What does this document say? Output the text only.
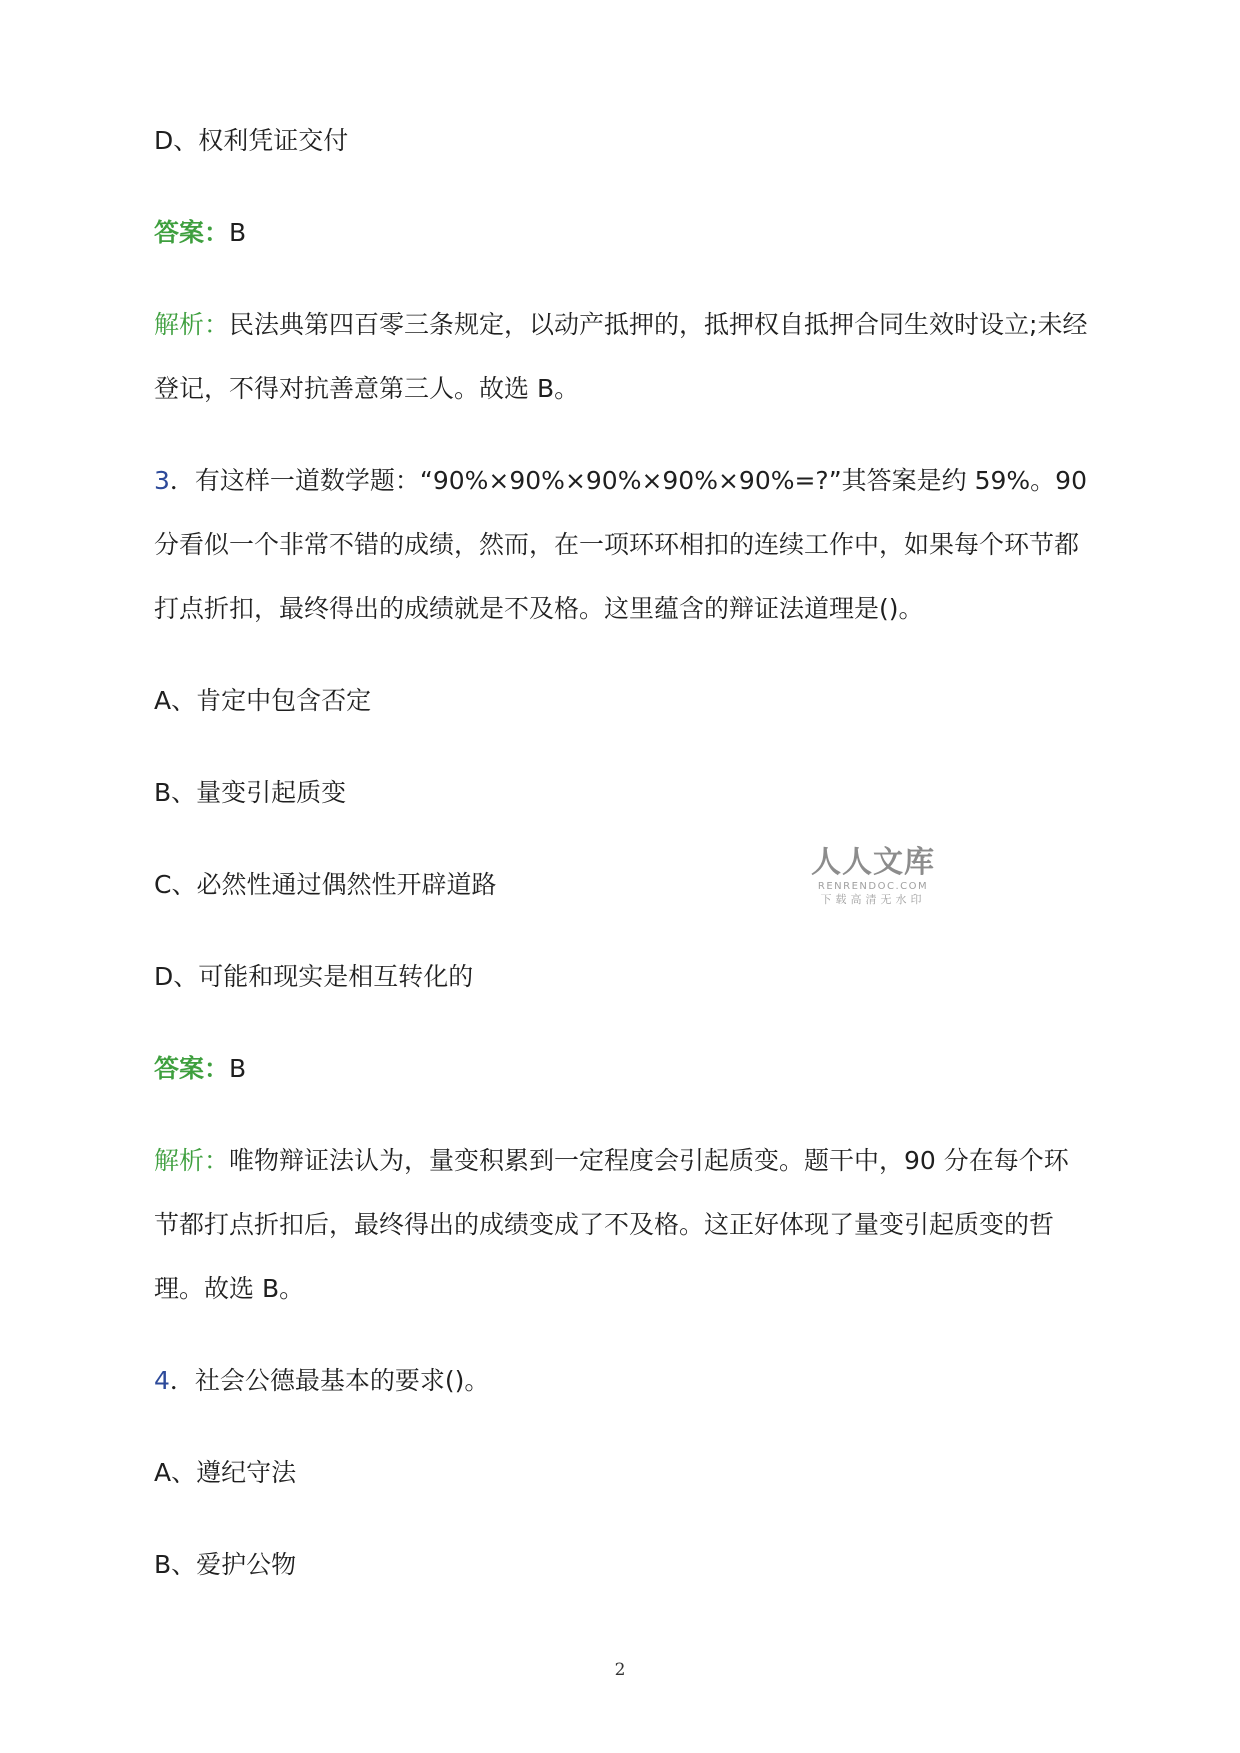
D、权利凭证交付
答案：B
解析：民法典第四百零三条规定，以动产抵押的，抵押权自抵押合同生效时设立;未经
登记，不得对抗善意第三人。故选 B。
3．有这样一道数学题：“90%×90%×90%×90%×90%=?”其答案是约 59%。90
分看似一个非常不错的成绩，然而，在一项环环相扣的连续工作中，如果每个环节都
打点折扣，最终得出的成绩就是不及格。这里蕴含的辩证法道理是()。
A、肯定中包含否定
B、量变引起质变
C、必然性通过偶然性开辟道路
D、可能和现实是相互转化的
答案：B
解析：唯物辩证法认为，量变积累到一定程度会引起质变。题干中，90 分在每个环
节都打点折扣后，最终得出的成绩变成了不及格。这正好体现了量变引起质变的哲
理。故选 B。
4．社会公德最基本的要求()。
A、遵纪守法
B、爱护公物
人人文库
RENRENDOC.COM
下载高清无水印
2
